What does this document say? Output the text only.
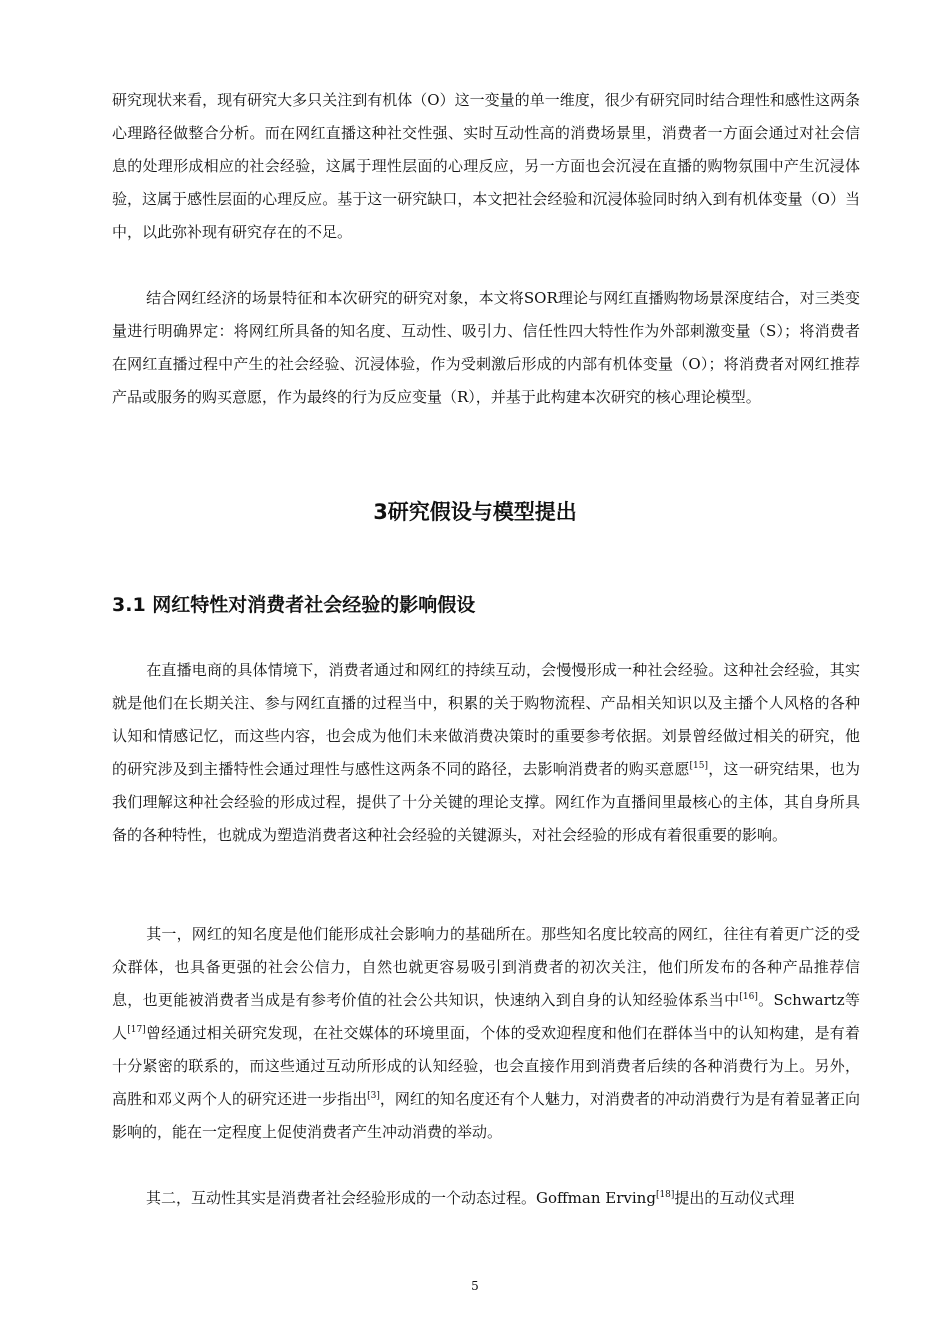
研究现状来看，现有研究大多只关注到有机体（O）这一变量的单一维度，很少有研究同时结合理性和感性这两条心理路径做整合分析。而在网红直播这种社交性强、实时互动性高的消费场景里，消费者一方面会通过对社会信息的处理形成相应的社会经验，这属于理性层面的心理反应，另一方面也会沉浸在直播的购物氛围中产生沉浸体验，这属于感性层面的心理反应。基于这一研究缺口，本文把社会经验和沉浸体验同时纳入到有机体变量（O）当中，以此弥补现有研究存在的不足。

结合网红经济的场景特征和本次研究的研究对象，本文将SOR理论与网红直播购物场景深度结合，对三类变量进行明确界定：将网红所具备的知名度、互动性、吸引力、信任性四大特性作为外部刺激变量（S）；将消费者在网红直播过程中产生的社会经验、沉浸体验，作为受刺激后形成的内部有机体变量（O）；将消费者对网红推荐产品或服务的购买意愿，作为最终的行为反应变量（R），并基于此构建本次研究的核心理论模型。

3研究假设与模型提出
3.1 网红特性对消费者社会经验的影响假设

在直播电商的具体情境下，消费者通过和网红的持续互动，会慢慢形成一种社会经验。这种社会经验，其实就是他们在长期关注、参与网红直播的过程当中，积累的关于购物流程、产品相关知识以及主播个人风格的各种认知和情感记忆，而这些内容，也会成为他们未来做消费决策时的重要参考依据。刘景曾经做过相关的研究，他的研究涉及到主播特性会通过理性与感性这两条不同的路径，去影响消费者的购买意愿[15]，这一研究结果，也为我们理解这种社会经验的形成过程，提供了十分关键的理论支撑。网红作为直播间里最核心的主体，其自身所具备的各种特性，也就成为塑造消费者这种社会经验的关键源头，对社会经验的形成有着很重要的影响。

其一，网红的知名度是他们能形成社会影响力的基础所在。那些知名度比较高的网红，往往有着更广泛的受众群体，也具备更强的社会公信力，自然也就更容易吸引到消费者的初次关注，他们所发布的各种产品推荐信息，也更能被消费者当成是有参考价值的社会公共知识，快速纳入到自身的认知经验体系当中[16]。Schwartz等人[17]曾经通过相关研究发现，在社交媒体的环境里面，个体的受欢迎程度和他们在群体当中的认知构建，是有着十分紧密的联系的，而这些通过互动所形成的认知经验，也会直接作用到消费者后续的各种消费行为上。另外，高胜和邓义两个人的研究还进一步指出[3]，网红的知名度还有个人魅力，对消费者的冲动消费行为是有着显著正向影响的，能在一定程度上促使消费者产生冲动消费的举动。

其二，互动性其实是消费者社会经验形成的一个动态过程。Goffman Erving[18]提出的互动仪式理

5
